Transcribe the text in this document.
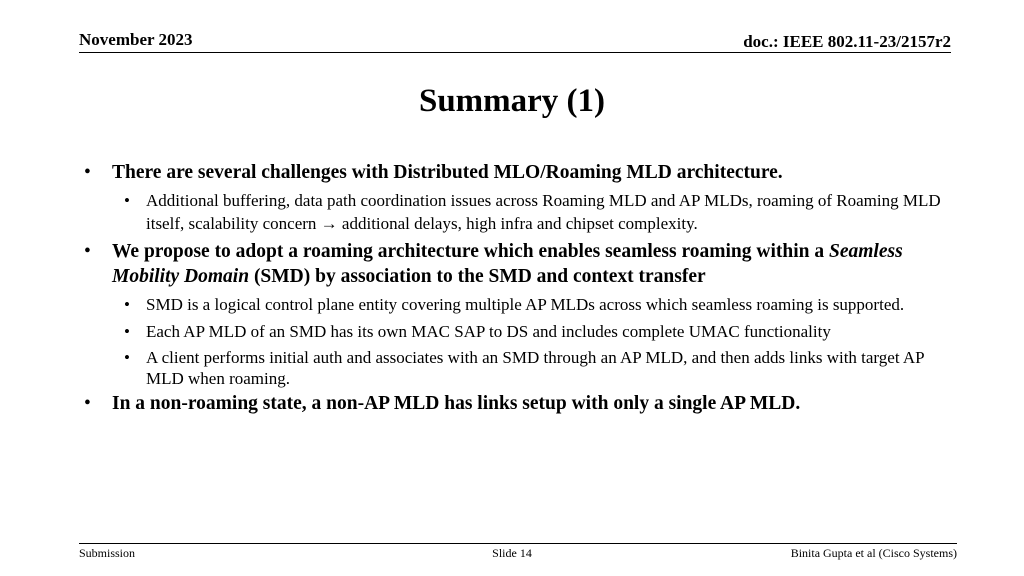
November 2023	doc.: IEEE 802.11-23/2157r2
Summary (1)
• There are several challenges with Distributed MLO/Roaming MLD architecture.
• Additional buffering, data path coordination issues across Roaming MLD and AP MLDs, roaming of Roaming MLD itself, scalability concern → additional delays, high infra and chipset complexity.
• We propose to adopt a roaming architecture which enables seamless roaming within a Seamless Mobility Domain (SMD) by association to the SMD and context transfer
• SMD is a logical control plane entity covering multiple AP MLDs across which seamless roaming is supported.
• Each AP MLD of an SMD has its own MAC SAP to DS and includes complete UMAC functionality
• A client performs initial auth and associates with an SMD through an AP MLD, and then adds links with target AP MLD when roaming.
• In a non-roaming state, a non-AP MLD has links setup with only a single AP MLD.
Submission	Slide 14	Binita Gupta et al (Cisco Systems)
